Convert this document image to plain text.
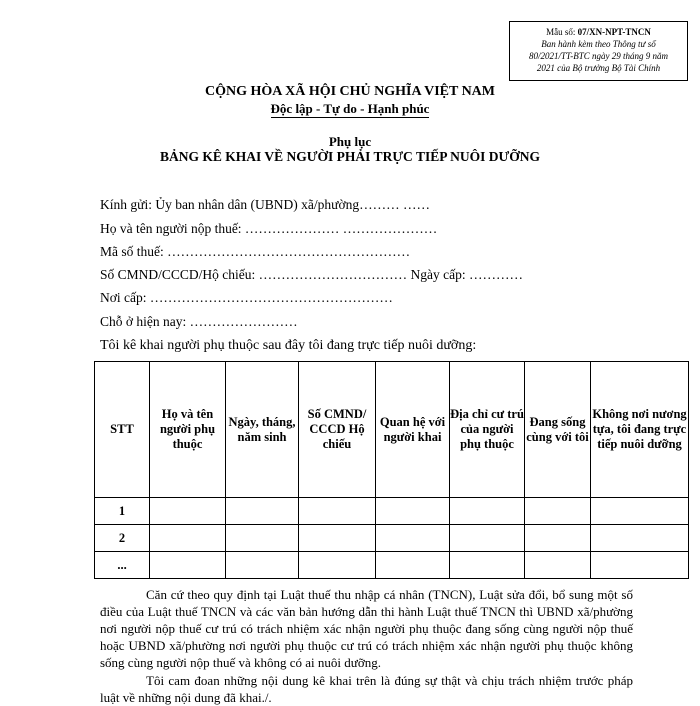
Mẫu số: 07/XN-NPT-TNCN
Ban hành kèm theo Thông tư số
80/2021/TT-BTC ngày 29 tháng 9 năm
2021 của Bộ trưởng Bộ Tài Chính
CỘNG HÒA XÃ HỘI CHỦ NGHĨA VIỆT NAM
Độc lập - Tự do - Hạnh phúc
Phụ lục
BẢNG KÊ KHAI VỀ NGƯỜI PHẢI TRỰC TIẾP NUÔI DƯỠNG
Kính gửi: Ủy ban nhân dân (UBND) xã/phường……… ……
Họ và tên người nộp thuế: ………………… …………………
Mã số thuế: ………………………………………………
Số CMND/CCCD/Hộ chiếu: …………………………… Ngày cấp: …………
Nơi cấp: ………………………………………………
Chỗ ở hiện nay: ……………………
Tôi kê khai người phụ thuộc sau đây tôi đang trực tiếp nuôi dưỡng:
STT	Họ và tên người phụ thuộc	Ngày, tháng, năm sinh	Số CMND/ CCCD Hộ chiếu	Quan hệ với người khai	Địa chỉ cư trú của người phụ thuộc	Đang sống cùng với tôi	Không nơi nương tựa, tôi đang trực tiếp nuôi dưỡng
1							
2							
...							
Căn cứ theo quy định tại Luật thuế thu nhập cá nhân (TNCN), Luật sửa đổi, bổ sung một số điều của Luật thuế TNCN và các văn bản hướng dẫn thi hành Luật thuế TNCN thì UBND xã/phường nơi người nộp thuế cư trú có trách nhiệm xác nhận người phụ thuộc đang sống cùng người nộp thuế hoặc UBND xã/phường nơi người phụ thuộc cư trú có trách nhiệm xác nhận người phụ thuộc không sống cùng người nộp thuế và không có ai nuôi dưỡng.
Tôi cam đoan những nội dung kê khai trên là đúng sự thật và chịu trách nhiệm trước pháp luật về những nội dung đã khai./.
